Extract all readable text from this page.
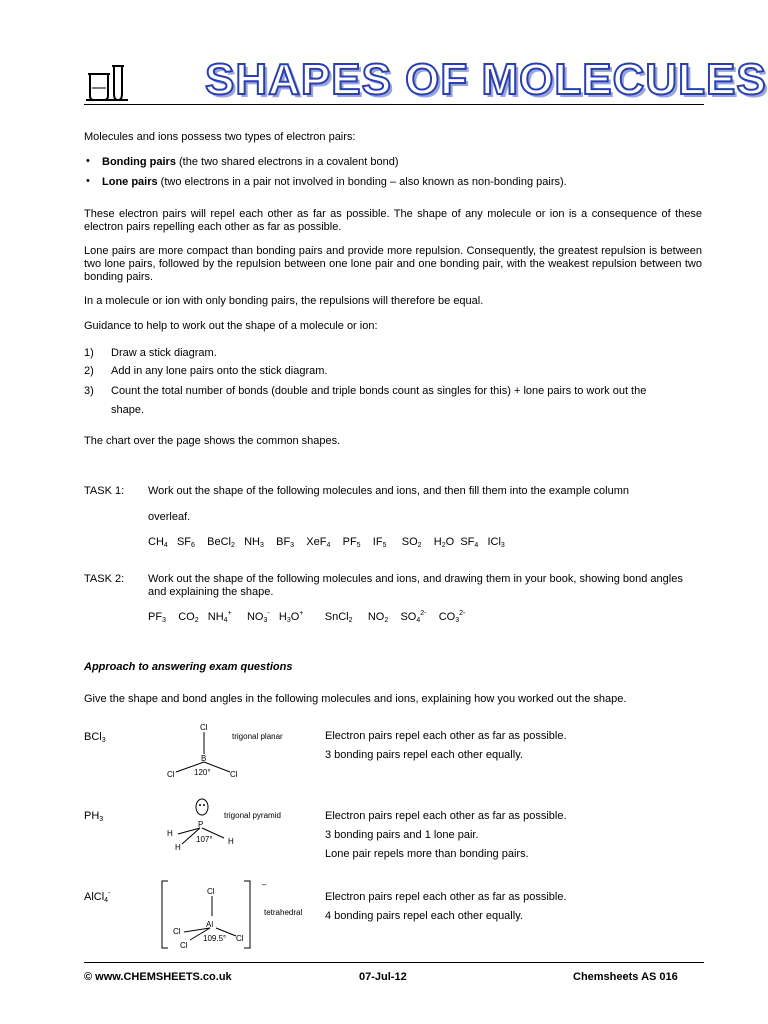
SHAPES OF MOLECULES
Molecules and ions possess two types of electron pairs:
• Bonding pairs (the two shared electrons in a covalent bond)
• Lone pairs (two electrons in a pair not involved in bonding – also known as non-bonding pairs).
These electron pairs will repel each other as far as possible. The shape of any molecule or ion is a consequence of these electron pairs repelling each other as far as possible.
Lone pairs are more compact than bonding pairs and provide more repulsion. Consequently, the greatest repulsion is between two lone pairs, followed by the repulsion between one lone pair and one bonding pair, with the weakest repulsion between two bonding pairs.
In a molecule or ion with only bonding pairs, the repulsions will therefore be equal.
Guidance to help to work out the shape of a molecule or ion:
1) Draw a stick diagram.
2) Add in any lone pairs onto the stick diagram.
3) Count the total number of bonds (double and triple bonds count as singles for this) + lone pairs to work out the
shape.
The chart over the page shows the common shapes.
TASK 1: Work out the shape of the following molecules and ions, and then fill them into the example column
overleaf.
$CH_4$   $SF_6$    BeCl$_2$   $NH_3$    $BF_3$    XeF$_4$    $PF_5$    $IF_5$     $SO_2$    $H_2O$  $SF_4$   ICl$_3$
TASK 2: Work out the shape of the following molecules and ions, and drawing them in your book, showing bond angles and explaining the shape.
$PF_3$    $CO_2$   $NH_4^+$     $NO_3^-$   $H_3O^+$       SnCl$_2$     $NO_2$    $SO_4^{2-}$    $CO_3^{2-}$
Approach to answering exam questions
Give the shape and bond angles in the following molecules and ions, explaining how you worked out the shape.
BCl$_3$
Cl
B
Cl	Cl
120°
trigonal planar	Electron pairs repel each other as far as possible.
3 bonding pairs repel each other equally.
$PH_3$
P
H
H
H
107°
trigonal pyramid	Electron pairs repel each other as far as possible.
3 bonding pairs and 1 lone pair.
Lone pair repels more than bonding pairs.
AlCl$_4$-
–
Cl
Al
Cl
Cl
Cl
109.5°
tetrahedral
Electron pairs repel each other as far as possible.
4 bonding pairs repel each other equally.
© www.CHEMSHEETS.co.uk	07-Jul-12	Chemsheets AS 016
